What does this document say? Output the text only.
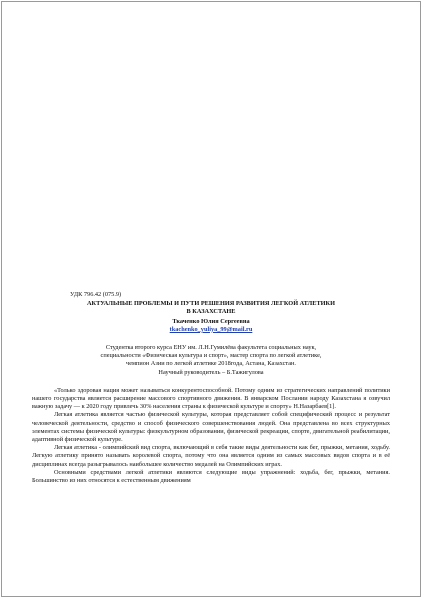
УДК 796.42 (075.9)
АКТУАЛЬНЫЕ ПРОБЛЕМЫ И ПУТИ РЕШЕНИЯ РАЗВИТИЯ ЛЕГКОЙ АТЛЕТИКИ
В КАЗАХСТАНЕ
Ткаченко Юлия Сергеевна
tkachenko_yuliya_99@mail.ru
Студентка второго курса ЕНУ им. Л.Н.Гумилёва факультета социальных наук,
специальности «Физическая культура и спорт», мастер спорта по легкой атлетике,
чемпион Азии по легкой атлетике 2018года, Астана, Казахстан.
Научный руководитель – Б.Тажигулова

«Только здоровая нация может называться конкурентоспособной. Потому одним из стратегических направлений политики нашего государства является расширение массового спортивного движения. В январском Послании народу Казахстана я озвучил важную задачу — к 2020 году привлечь 30% населения страны к физической культуре и спорту» Н.Назарбаев[1].

Легкая атлетика является частью физической культуры, которая представляет собой специфический процесс и результат человеческой деятельности, средство и способ физического совершенствования людей. Она представлена во всех структурных элементах системы физической культуры: физкультурном образовании, физической рекреации, спорте, двигательной реабилитации, адаптивной физической культуре.

Легкая атлетика - олимпийский вид спорта, включающий в себя такие виды деятельности как бег, прыжки, метания, ходьбу. Легкую атлетику принято называть королевой спорта, потому что она является одним из самых массовых видов спорта и в её дисциплинах всегда разыгрывалось наибольшее количество медалей на Олимпийских играх.

Основными средствами легкой атлетики являются следующие виды упражнений: ходьба, бег, прыжки, метания. Большинство из них относятся к естественным движениям
